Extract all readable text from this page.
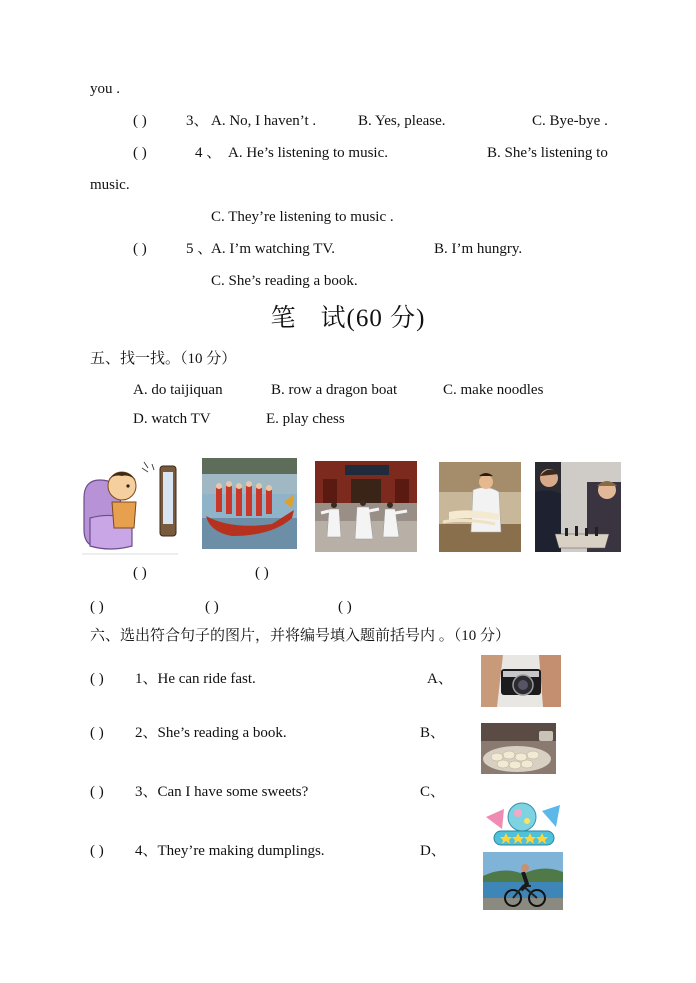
you .
( )	3、 A. No, I haven’t .	B. Yes, please.	C. Bye-bye .
( )	4 、 A. He’s listening to music.	B. She’s listening to
music.
C. They’re listening to music .
( )	5 、
A. I’m watching TV.	B. I’m hungry.
C. She’s reading a book.
笔 试(60 分)
五、找一找。（10 分）
A. do taijiquan	B. row a dragon boat	C. make noodles
D. watch TV	E. play chess
( )	( )
( )	( )	( )
六、选出符合句子的图片，并将编号填入题前括号内 。（10 分）
( ) 1、He can ride fast.	A、
( ) 2、She’s reading a book.	B、
( ) 3、Can I have some sweets?	C、
( ) 4、They’re making dumplings.	D、
